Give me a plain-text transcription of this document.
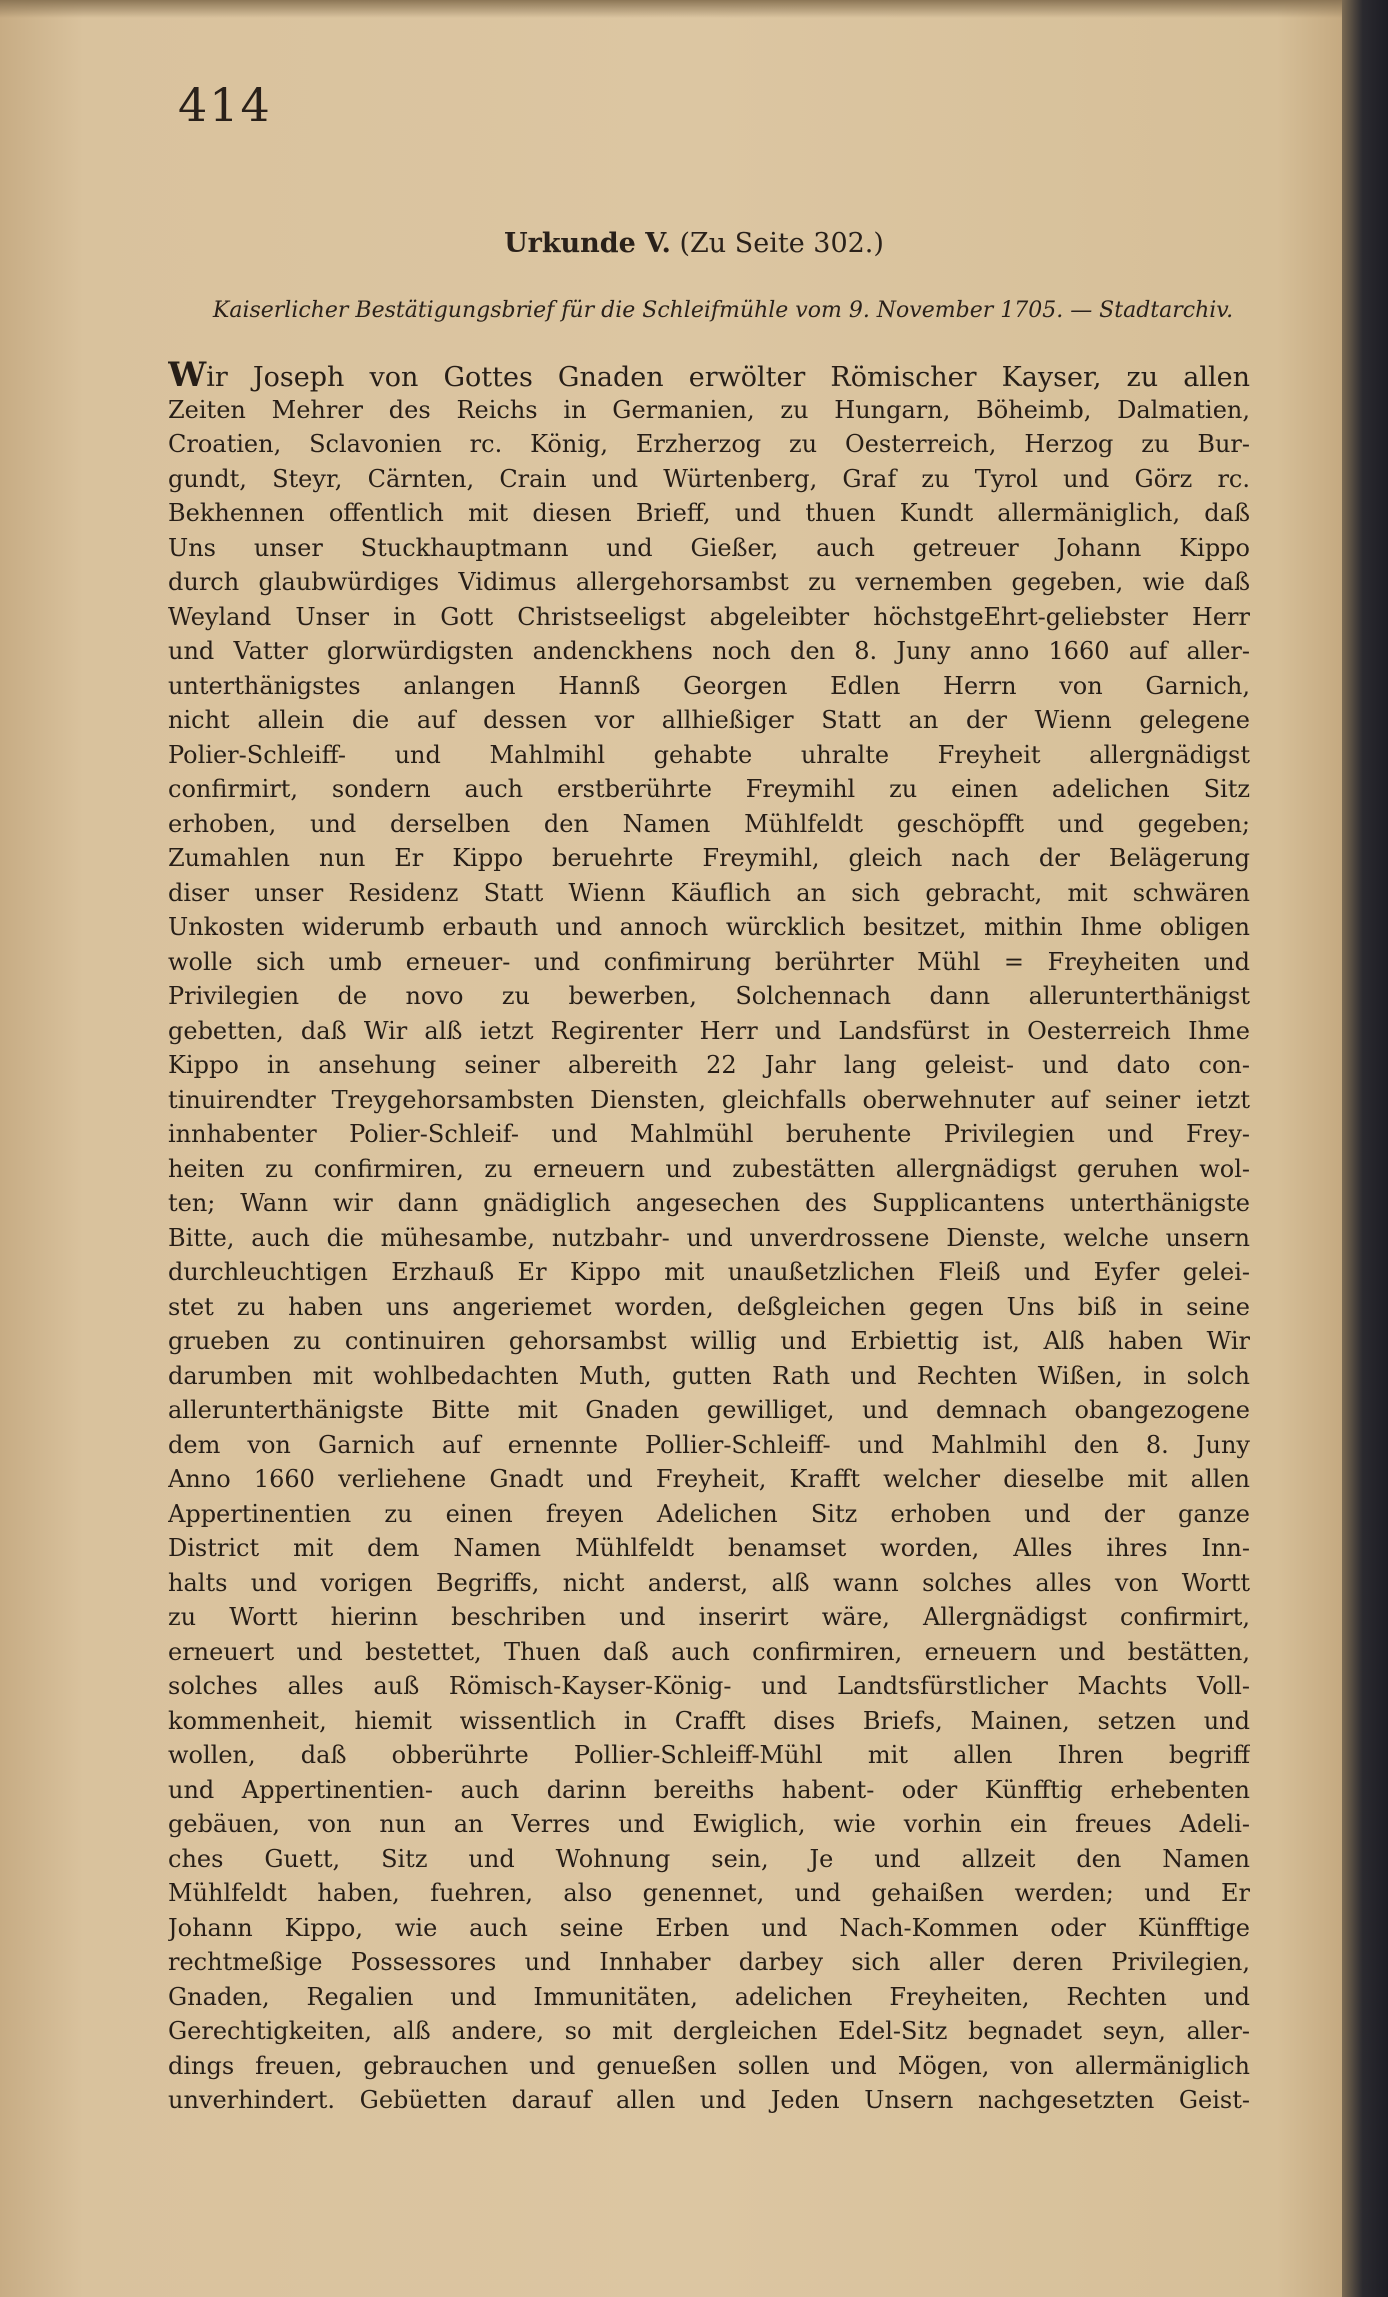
414
Urkunde V. (Zu Seite 302.)
Kaiserlicher Bestätigungsbrief für die Schleifmühle vom 9. November 1705. — Stadtarchiv.
Wir Joseph von Gottes Gnaden erwölter Römischer Kayser, zu allen
Zeiten Mehrer des Reichs in Germanien, zu Hungarn, Böheimb, Dalmatien,
Croatien, Sclavonien rc. König, Erzherzog zu Oesterreich, Herzog zu Bur-
gundt, Steyr, Cärnten, Crain und Würtenberg, Graf zu Tyrol und Görz rc.
Bekhennen offentlich mit diesen Brieff, und thuen Kundt allermäniglich, daß
Uns unser Stuckhauptmann und Gießer, auch getreuer Johann Kippo
durch glaubwürdiges Vidimus allergehorsambst zu vernemben gegeben, wie daß
Weyland Unser in Gott Christseeligst abgeleibter höchstgeEhrt-geliebster Herr
und Vatter glorwürdigsten andenckhens noch den 8. Juny anno 1660 auf aller-
unterthänigstes anlangen Hannß Georgen Edlen Herrn von Garnich,
nicht allein die auf dessen vor allhießiger Statt an der Wienn gelegene
Polier-Schleiff- und Mahlmihl gehabte uhralte Freyheit allergnädigst
confirmirt, sondern auch erstberührte Freymihl zu einen adelichen Sitz
erhoben, und derselben den Namen Mühlfeldt geschöpfft und gegeben;
Zumahlen nun Er Kippo beruehrte Freymihl, gleich nach der Belägerung
diser unser Residenz Statt Wienn Käuflich an sich gebracht, mit schwären
Unkosten widerumb erbauth und annoch würcklich besitzet, mithin Ihme obligen
wolle sich umb erneuer- und confimirung berührter Mühl = Freyheiten und
Privilegien de novo zu bewerben, Solchennach dann allerunterthänigst
gebetten, daß Wir alß ietzt Regirenter Herr und Landsfürst in Oesterreich Ihme
Kippo in ansehung seiner albereith 22 Jahr lang geleist- und dato con-
tinuirendter Treygehorsambsten Diensten, gleichfalls oberwehnuter auf seiner ietzt
innhabenter Polier-Schleif- und Mahlmühl beruhente Privilegien und Frey-
heiten zu confirmiren, zu erneuern und zubestätten allergnädigst geruhen wol-
ten; Wann wir dann gnädiglich angesechen des Supplicantens unterthänigste
Bitte, auch die mühesambe, nutzbahr- und unverdrossene Dienste, welche unsern
durchleuchtigen Erzhauß Er Kippo mit unaußetzlichen Fleiß und Eyfer gelei-
stet zu haben uns angeriemet worden, deßgleichen gegen Uns biß in seine
grueben zu continuiren gehorsambst willig und Erbiettig ist, Alß haben Wir
darumben mit wohlbedachten Muth, gutten Rath und Rechten Wißen, in solch
allerunterthänigste Bitte mit Gnaden gewilliget, und demnach obangezogene
dem von Garnich auf ernennte Pollier-Schleiff- und Mahlmihl den 8. Juny
Anno 1660 verliehene Gnadt und Freyheit, Krafft welcher dieselbe mit allen
Appertinentien zu einen freyen Adelichen Sitz erhoben und der ganze
District mit dem Namen Mühlfeldt benamset worden, Alles ihres Inn-
halts und vorigen Begriffs, nicht anderst, alß wann solches alles von Wortt
zu Wortt hierinn beschriben und inserirt wäre, Allergnädigst confirmirt,
erneuert und bestettet, Thuen daß auch confirmiren, erneuern und bestätten,
solches alles auß Römisch-Kayser-König- und Landtsfürstlicher Machts Voll-
kommenheit, hiemit wissentlich in Crafft dises Briefs, Mainen, setzen und
wollen, daß obberührte Pollier-Schleiff-Mühl mit allen Ihren begriff
und Appertinentien- auch darinn bereiths habent- oder Künfftig erhebenten
gebäuen, von nun an Verres und Ewiglich, wie vorhin ein freues Adeli-
ches Guett, Sitz und Wohnung sein, Je und allzeit den Namen
Mühlfeldt haben, fuehren, also genennet, und gehaißen werden; und Er
Johann Kippo, wie auch seine Erben und Nach-Kommen oder Künfftige
rechtmeßige Possessores und Innhaber darbey sich aller deren Privilegien,
Gnaden, Regalien und Immunitäten, adelichen Freyheiten, Rechten und
Gerechtigkeiten, alß andere, so mit dergleichen Edel-Sitz begnadet seyn, aller-
dings freuen, gebrauchen und genueßen sollen und Mögen, von allermäniglich
unverhindert. Gebüetten darauf allen und Jeden Unsern nachgesetzten Geist-
